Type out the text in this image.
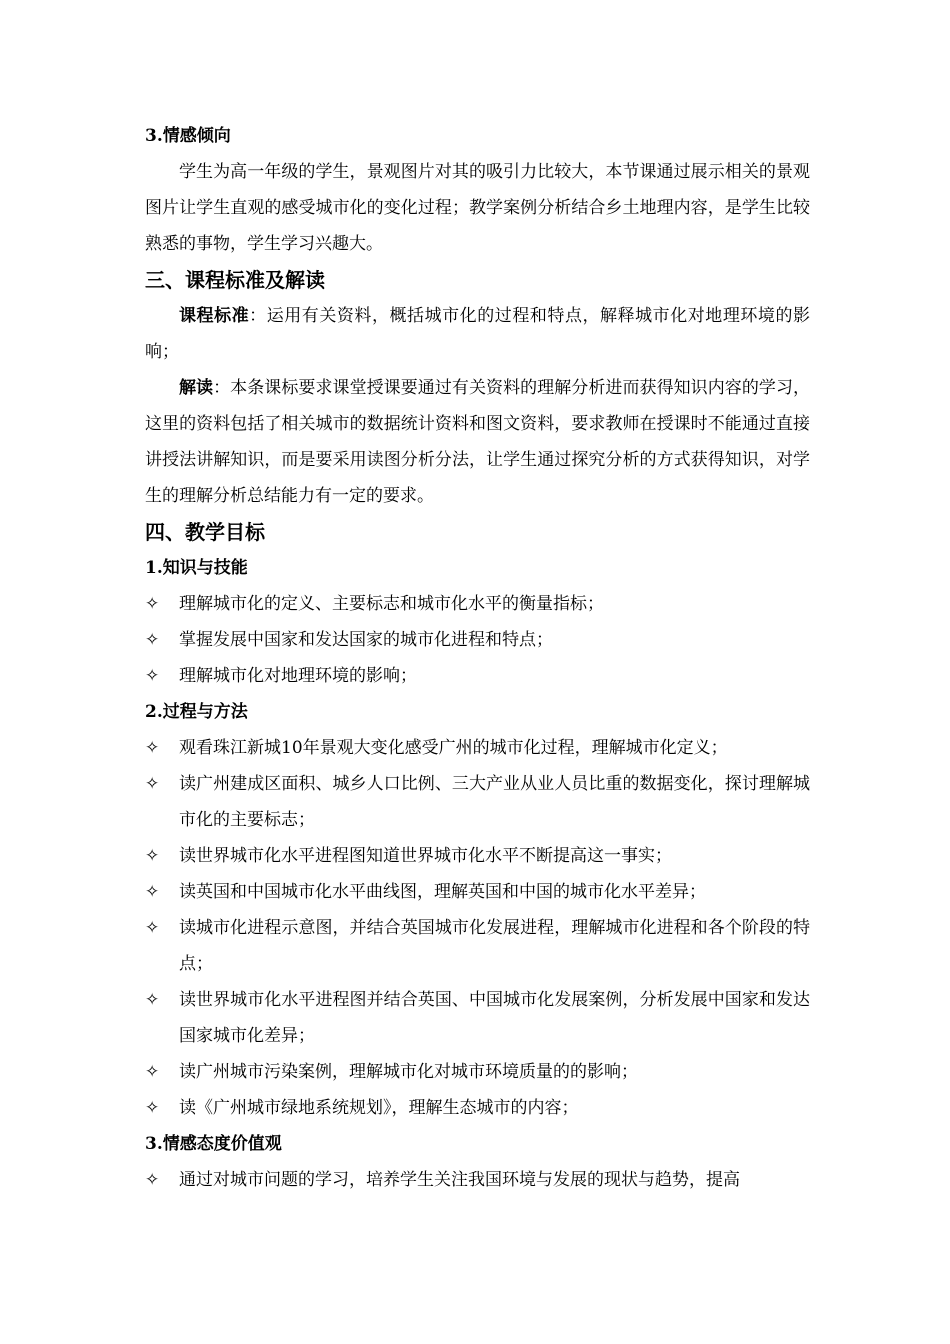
3.情感倾向
学生为高一年级的学生，景观图片对其的吸引力比较大，本节课通过展示相关的景观图片让学生直观的感受城市化的变化过程；教学案例分析结合乡土地理内容，是学生比较熟悉的事物，学生学习兴趣大。
三、课程标准及解读
课程标准：运用有关资料，概括城市化的过程和特点，解释城市化对地理环境的影响；
解读：本条课标要求课堂授课要通过有关资料的理解分析进而获得知识内容的学习，这里的资料包括了相关城市的数据统计资料和图文资料，要求教师在授课时不能通过直接讲授法讲解知识，而是要采用读图分析分法，让学生通过探究分析的方式获得知识，对学生的理解分析总结能力有一定的要求。
四、教学目标
1.知识与技能
✧	理解城市化的定义、主要标志和城市化水平的衡量指标；
✧	掌握发展中国家和发达国家的城市化进程和特点；
✧	理解城市化对地理环境的影响；
2.过程与方法
✧	观看珠江新城10年景观大变化感受广州的城市化过程，理解城市化定义；
✧	读广州建成区面积、城乡人口比例、三大产业从业人员比重的数据变化，探讨理解城市化的主要标志；
✧	读世界城市化水平进程图知道世界城市化水平不断提高这一事实；
✧	读英国和中国城市化水平曲线图，理解英国和中国的城市化水平差异；
✧	读城市化进程示意图，并结合英国城市化发展进程，理解城市化进程和各个阶段的特点；
✧	读世界城市化水平进程图并结合英国、中国城市化发展案例，分析发展中国家和发达国家城市化差异；
✧	读广州城市污染案例，理解城市化对城市环境质量的的影响；
✧	读《广州城市绿地系统规划》，理解生态城市的内容；
3.情感态度价值观
✧	通过对城市问题的学习，培养学生关注我国环境与发展的现状与趋势，提高
